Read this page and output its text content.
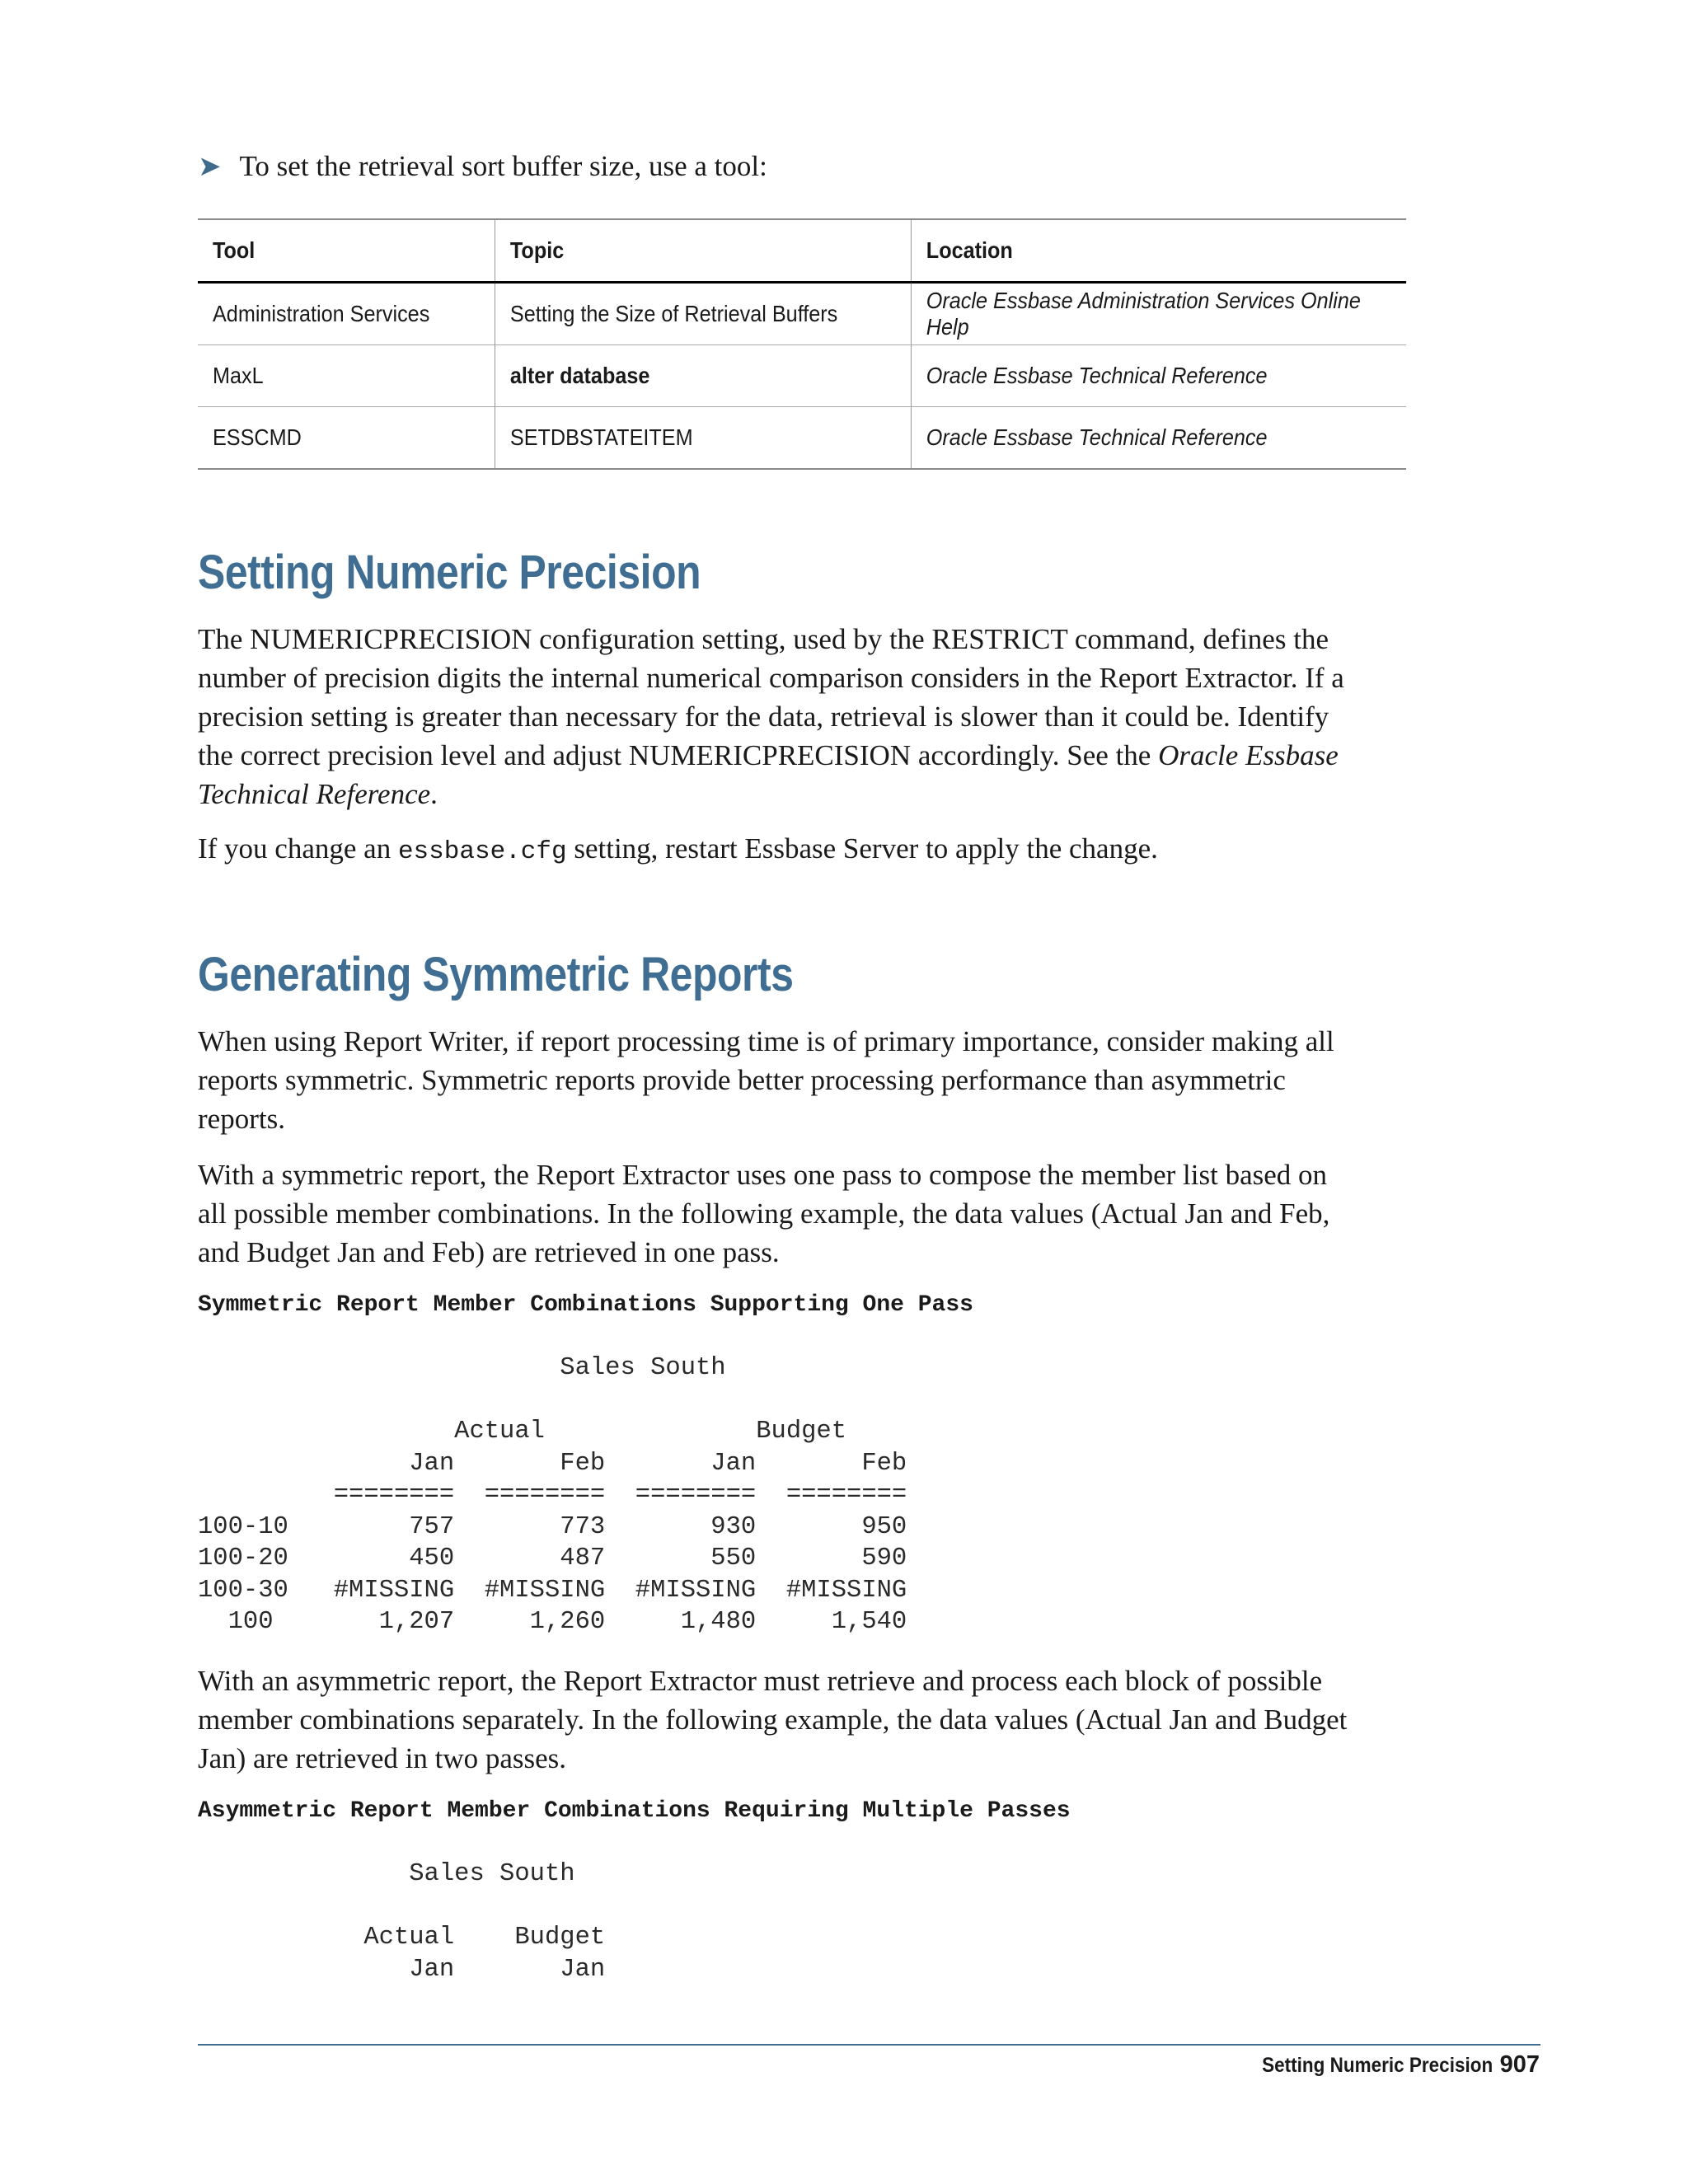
➤ To set the retrieval sort buffer size, use a tool:
Tool	Topic	Location
Administration Services	Setting the Size of Retrieval Buffers	Oracle Essbase Administration Services Online Help
MaxL	alter database	Oracle Essbase Technical Reference
ESSCMD	SETDBSTATEITEM	Oracle Essbase Technical Reference
Setting Numeric Precision

The NUMERICPRECISION configuration setting, used by the RESTRICT command, defines the number of precision digits the internal numerical comparison considers in the Report Extractor. If a precision setting is greater than necessary for the data, retrieval is slower than it could be. Identify the correct precision level and adjust NUMERICPRECISION accordingly. See the Oracle Essbase Technical Reference.

If you change an essbase.cfg setting, restart Essbase Server to apply the change.

Generating Symmetric Reports

When using Report Writer, if report processing time is of primary importance, consider making all reports symmetric. Symmetric reports provide better processing performance than asymmetric reports.

With a symmetric report, the Report Extractor uses one pass to compose the member list based on all possible member combinations. In the following example, the data values (Actual Jan and Feb, and Budget Jan and Feb) are retrieved in one pass.

Symmetric Report Member Combinations Supporting One Pass
Sales South

Actual              Budget
Jan       Feb       Jan       Feb
========  ========  ========  ========
100-10        757       773       930       950
100-20        450       487       550       590
100-30   #MISSING  #MISSING  #MISSING  #MISSING
100       1,207     1,260     1,480     1,540

With an asymmetric report, the Report Extractor must retrieve and process each block of possible member combinations separately. In the following example, the data values (Actual Jan and Budget Jan) are retrieved in two passes.

Asymmetric Report Member Combinations Requiring Multiple Passes
Sales South

Actual    Budget
Jan       Jan
Setting Numeric Precision 907
